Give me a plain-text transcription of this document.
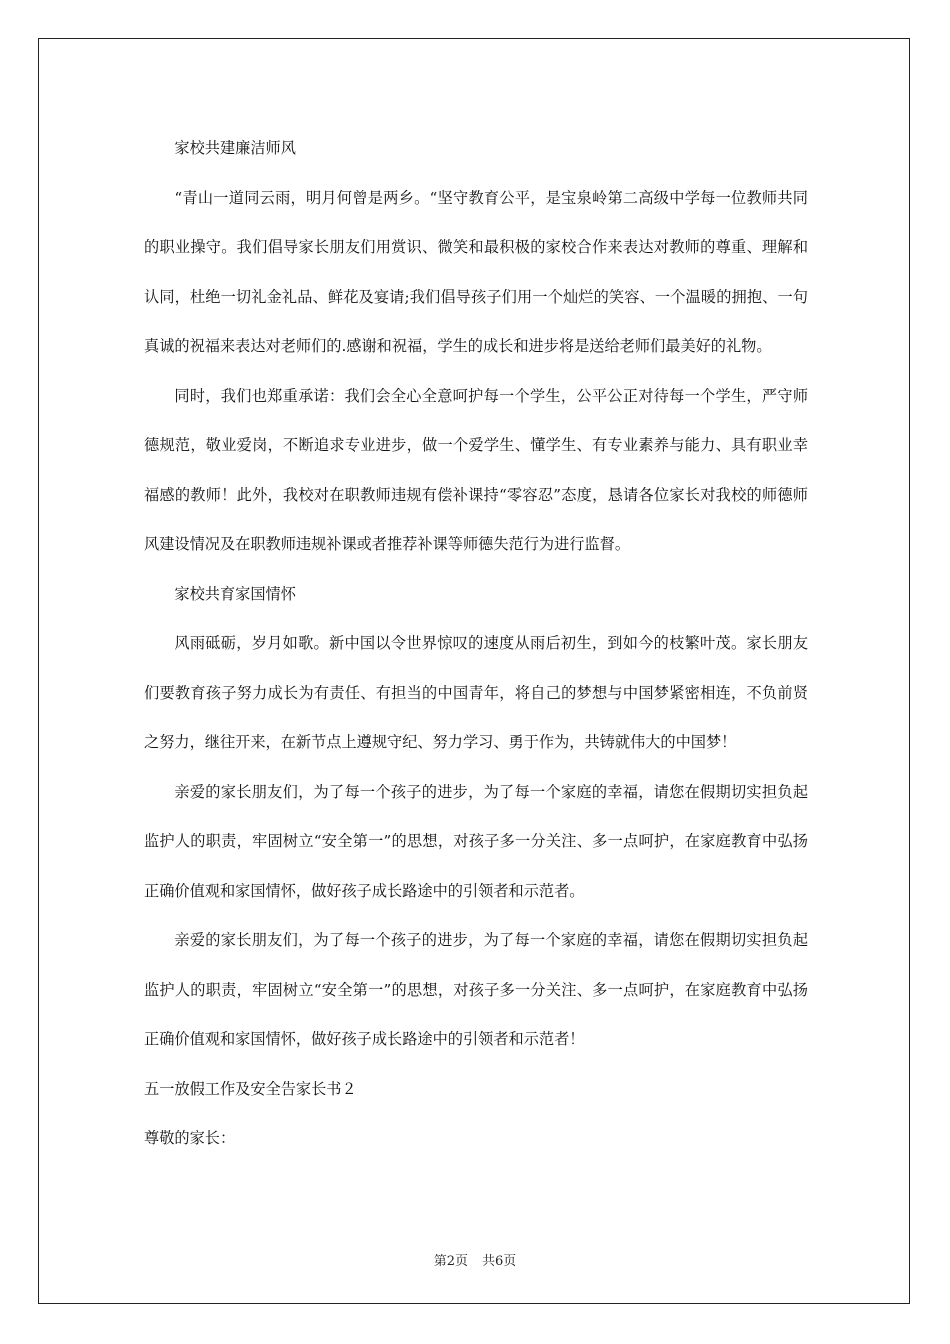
家校共建廉洁师风

“青山一道同云雨，明月何曾是两乡。“坚守教育公平，是宝泉岭第二高级中学每一位教师共同的职业操守。我们倡导家长朋友们用赏识、微笑和最积极的家校合作来表达对教师的尊重、理解和认同，杜绝一切礼金礼品、鲜花及宴请;我们倡导孩子们用一个灿烂的笑容、一个温暖的拥抱、一句真诚的祝福来表达对老师们的.感谢和祝福，学生的成长和进步将是送给老师们最美好的礼物。

同时，我们也郑重承诺：我们会全心全意呵护每一个学生，公平公正对待每一个学生，严守师德规范，敬业爱岗，不断追求专业进步，做一个爱学生、懂学生、有专业素养与能力、具有职业幸福感的教师！此外，我校对在职教师违规有偿补课持“零容忍”态度，恳请各位家长对我校的师德师风建设情况及在职教师违规补课或者推荐补课等师德失范行为进行监督。

家校共育家国情怀

风雨砥砺，岁月如歌。新中国以令世界惊叹的速度从雨后初生，到如今的枝繁叶茂。家长朋友们要教育孩子努力成长为有责任、有担当的中国青年，将自己的梦想与中国梦紧密相连，不负前贤之努力，继往开来，在新节点上遵规守纪、努力学习、勇于作为，共铸就伟大的中国梦！

亲爱的家长朋友们，为了每一个孩子的进步，为了每一个家庭的幸福，请您在假期切实担负起监护人的职责，牢固树立“安全第一”的思想，对孩子多一分关注、多一点呵护，在家庭教育中弘扬正确价值观和家国情怀，做好孩子成长路途中的引领者和示范者。

亲爱的家长朋友们，为了每一个孩子的进步，为了每一个家庭的幸福，请您在假期切实担负起监护人的职责，牢固树立“安全第一”的思想，对孩子多一分关注、多一点呵护，在家庭教育中弘扬正确价值观和家国情怀，做好孩子成长路途中的引领者和示范者！

五一放假工作及安全告家长书２

尊敬的家长：

第2页 共6页
